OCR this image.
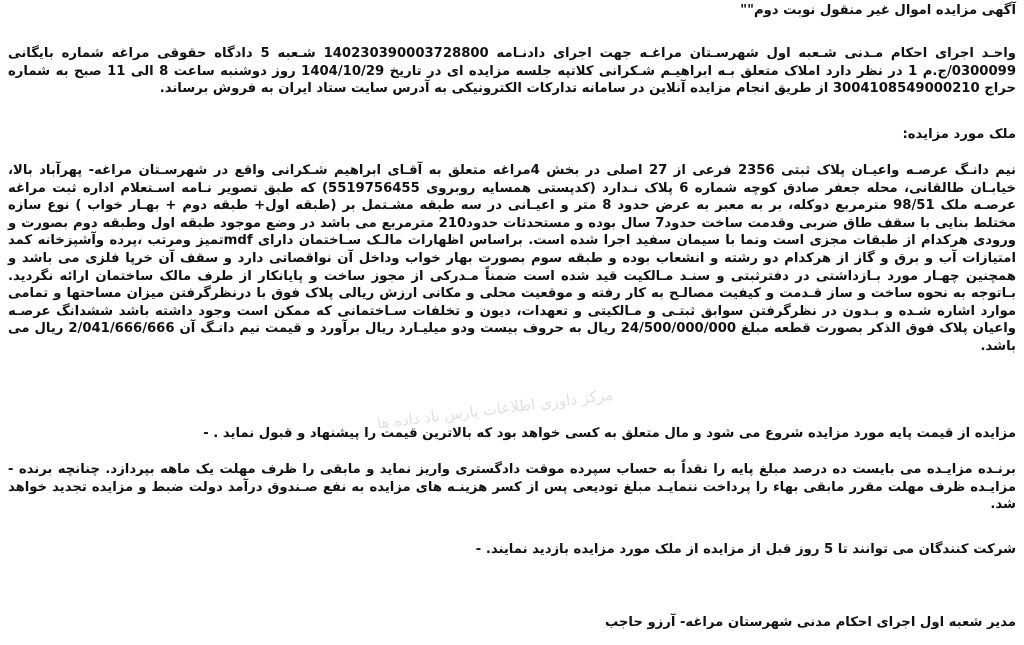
آگهی مزایده اموال غیر منقول نوبت دوم""

واحـد اجرای احکام مـدنی شـعبه اول شهرسـتان مراغـه جهت اجرای دادنـامه 140230390003728800 شـعبه 5 دادگاه حقوقی مراغه شماره بایگانی 0300099/ج.م 1 در نظر دارد املاک متعلق بـه ابراهیـم شـکرانی کلاتپه جلسه مزایده ای در تاریخ 1404/10/29 روز دوشنبه ساعت 8 الی 11 صبح به شماره حراج 300410854900021​0 از طریق انجام مزایده آنلاین در سامانه تدارکات الکترونیکی به آدرس سایت ستاد ایران به فروش برساند.

ملک مورد مزایده:

نیم دانـگ عرصـه واعیـان پلاک ثبتی 2356 فرعی از 27 اصلی در بخش 4مراغه متعلق به آقـای ابراهیم شـکرانی واقع در شهرسـتان مراغه- پهرآباد بالا، خیابـان طالقانی، محله جعفر صادق کوچه شماره 6 پلاک نـدارد (کدپستی همسایه روبروی 5519756455) که طبق تصویر نـامه اسـتعلام اداره ثبت مراغه عرصـه ملک 98/51 مترمربع دوکله، بر به معبر به عرض حدود 8 متر و اعیـانی در سه طبقه مشـتمل بر (طبقه اول+ طبقه دوم + بهـار خواب ) نوع سازه مختلط بنایی با سقف طاق ضربی وقدمت ساخت حدود7 سال بوده و مستحدثات حدود210 مترمربع می باشد در وضع موجود طبقه اول وطبقه دوم بصورت و ورودی هرکدام از طبقات مجزی است ونما با سیمان سفید اجرا شده است. براساس اظهارات مالـک سـاختمان دارای mdfتمیز ومرتب ،پرده وآشپزخانه کمد امتیازات آب و برق و گاز از هرکدام دو رشته و انشعاب بوده و طبقه سوم بصورت بهار خواب وداخل آن نواقصاتی دارد و سقف آن خرپا فلزی می باشد و همچنین چهـار مورد بـازداشتی در دفترثبتی و سنـد مـالکیت قید شده است ضمناً مـدرکی از مجوز ساخت و پایانکار از طرف مالک ساختمان ارائه نگردید. بـاتوجه به نحوه ساخت و ساز قـدمت و کیفیت مصالـح به کار رفته و موقعیت محلی و مکانی ارزش ریالی پلاک فوق با درنظرگرفتن میزان مساحتها و تمامی موارد اشاره شـده و بـدون در نظرگرفتن سوابق ثبتـی و مـالکیتی و تعهدات، دیون و تخلفات سـاختمانی که ممکن است وجود داشته باشد ششدانگ عرصـه واعیان پلاک فوق الذکر بصورت قطعه مبلغ 24/500/000/000 ریال به حروف بیست ودو میلیـارد ریال برآورد و قیمت نیم دانـگ آن 2/041/666/666 ریال می باشد.

مزایده از قیمت پایه مورد مزایده شروع می شود و مال متعلق به کسی خواهد بود که بالاترین قیمت را پیشنهاد و قبول نماید . -

برنـده مزایـده می بایست ده درصد مبلغ پایه را نقداً به حساب سپرده موقت دادگستری واریز نماید و مابقی را ظرف مهلت یک ماهه بپردازد. چنانچه برنده - مزایـده ظرف مهلت مقرر مابقی بهاء را پرداخت ننمایـد مبلغ تودیعی پس از کسر هزینـه های مزایده به نفع صـندوق درآمد دولت ضبط و مزایده تجدید خواهد شد.

شرکت کنندگان می توانند تا 5 روز قبل از مزایده از ملک مورد مزایده بازدید نمایند. -

مدیر شعبه اول اجرای احکام مدنی شهرستان مراغه- آرزو حاجب

مرکز داوری اطلاعات پارس ناد داده ها
